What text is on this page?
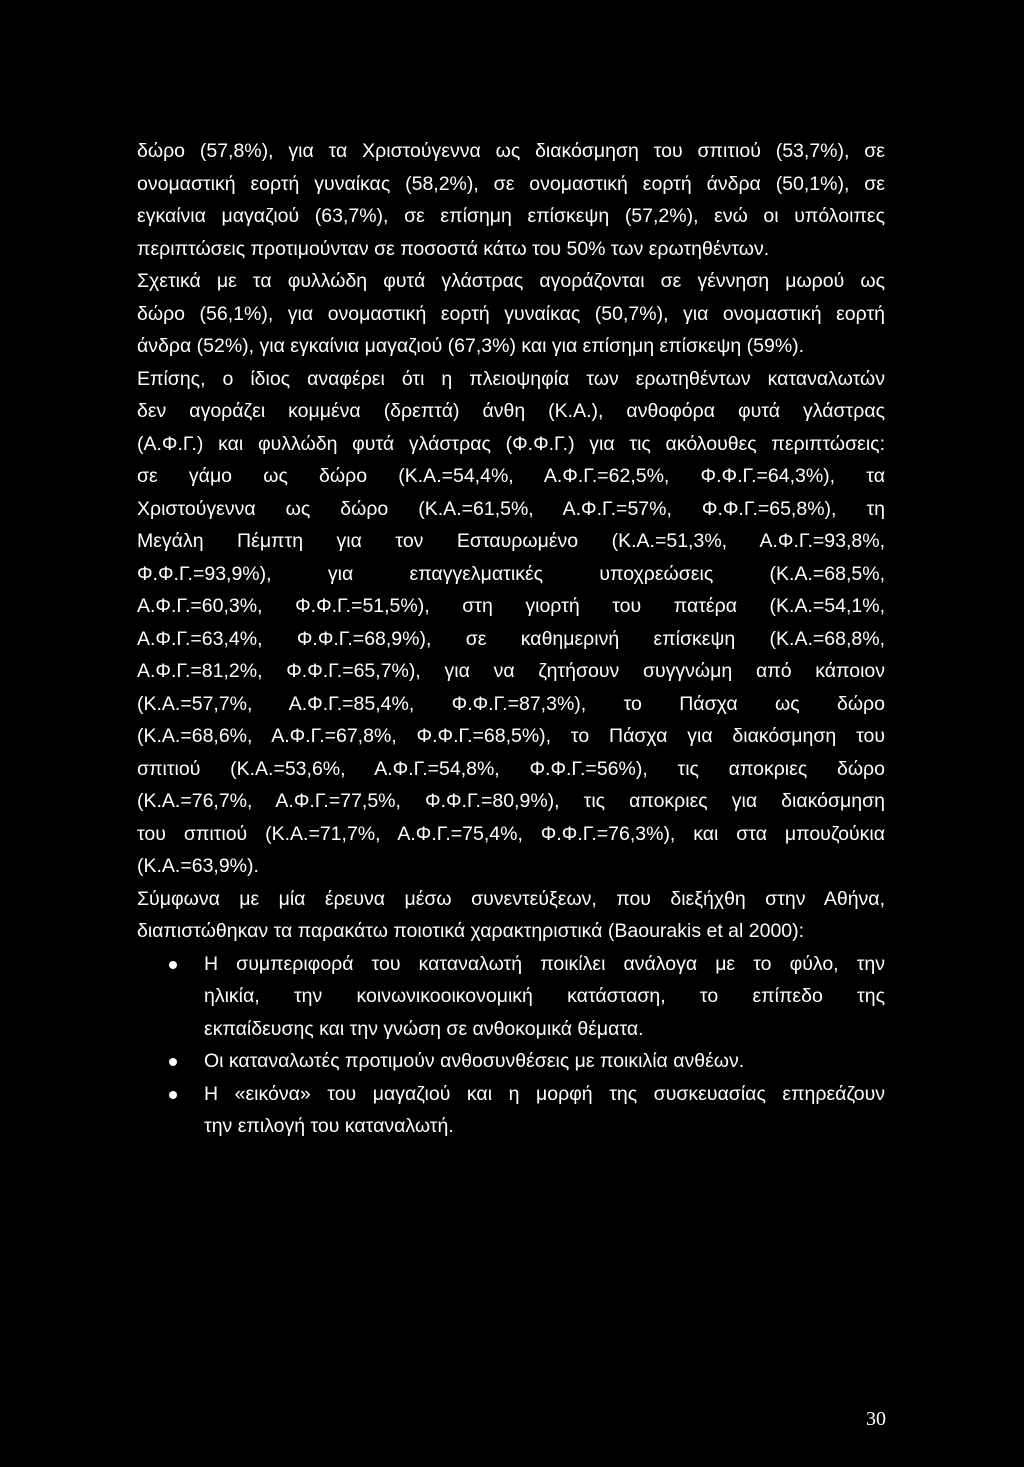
δώρο (57,8%), για τα Χριστούγεννα ως διακόσμηση του σπιτιού (53,7%), σε
ονομαστική εορτή γυναίκας (58,2%), σε ονομαστική εορτή άνδρα (50,1%), σε
εγκαίνια μαγαζιού (63,7%), σε επίσημη επίσκεψη (57,2%), ενώ οι υπόλοιπες
περιπτώσεις προτιμούνταν σε ποσοστά κάτω του 50% των ερωτηθέντων.
Σχετικά με τα φυλλώδη φυτά γλάστρας αγοράζονται σε γέννηση μωρού ως
δώρο (56,1%), για ονομαστική εορτή γυναίκας (50,7%), για ονομαστική εορτή
άνδρα (52%), για εγκαίνια μαγαζιού (67,3%) και για επίσημη επίσκεψη (59%).
Επίσης, ο ίδιος αναφέρει ότι η πλειοψηφία των ερωτηθέντων καταναλωτών
δεν αγοράζει κομμένα (δρεπτά) άνθη (Κ.Α.), ανθοφόρα φυτά γλάστρας
(Α.Φ.Γ.) και φυλλώδη φυτά γλάστρας (Φ.Φ.Γ.) για τις ακόλουθες περιπτώσεις:
σε γάμο ως δώρο (Κ.Α.=54,4%, Α.Φ.Γ.=62,5%, Φ.Φ.Γ.=64,3%), τα
Χριστούγεννα ως δώρο (Κ.Α.=61,5%, Α.Φ.Γ.=57%, Φ.Φ.Γ.=65,8%), τη
Μεγάλη Πέμπτη για τον Εσταυρωμένο (Κ.Α.=51,3%, Α.Φ.Γ.=93,8%,
Φ.Φ.Γ.=93,9%), για επαγγελματικές υποχρεώσεις (Κ.Α.=68,5%,
Α.Φ.Γ.=60,3%, Φ.Φ.Γ.=51,5%), στη γιορτή του πατέρα (Κ.Α.=54,1%,
Α.Φ.Γ.=63,4%, Φ.Φ.Γ.=68,9%), σε καθημερινή επίσκεψη (Κ.Α.=68,8%,
Α.Φ.Γ.=81,2%, Φ.Φ.Γ.=65,7%), για να ζητήσουν συγγνώμη από κάποιον
(Κ.Α.=57,7%, Α.Φ.Γ.=85,4%, Φ.Φ.Γ.=87,3%), το Πάσχα ως δώρο
(Κ.Α.=68,6%, Α.Φ.Γ.=67,8%, Φ.Φ.Γ.=68,5%), το Πάσχα για διακόσμηση του
σπιτιού (Κ.Α.=53,6%, Α.Φ.Γ.=54,8%, Φ.Φ.Γ.=56%), τις αποκριες δώρο
(Κ.Α.=76,7%, Α.Φ.Γ.=77,5%, Φ.Φ.Γ.=80,9%), τις αποκριες για διακόσμηση
του σπιτιού (Κ.Α.=71,7%, Α.Φ.Γ.=75,4%, Φ.Φ.Γ.=76,3%), και στα μπουζούκια
(Κ.Α.=63,9%).
Σύμφωνα με μία έρευνα μέσω συνεντεύξεων, που διεξήχθη στην Αθήνα,
διαπιστώθηκαν τα παρακάτω ποιοτικά χαρακτηριστικά (Baourakis et al 2000):
Η συμπεριφορά του καταναλωτή ποικίλει ανάλογα με το φύλο, την
ηλικία, την κοινωνικοοικονομική κατάσταση, το επίπεδο της
εκπαίδευσης και την γνώση σε ανθοκομικά θέματα.
Οι καταναλωτές προτιμούν ανθοσυνθέσεις με ποικιλία ανθέων.
Η «εικόνα» του μαγαζιού και η μορφή της συσκευασίας επηρεάζουν
την επιλογή του καταναλωτή.
30
